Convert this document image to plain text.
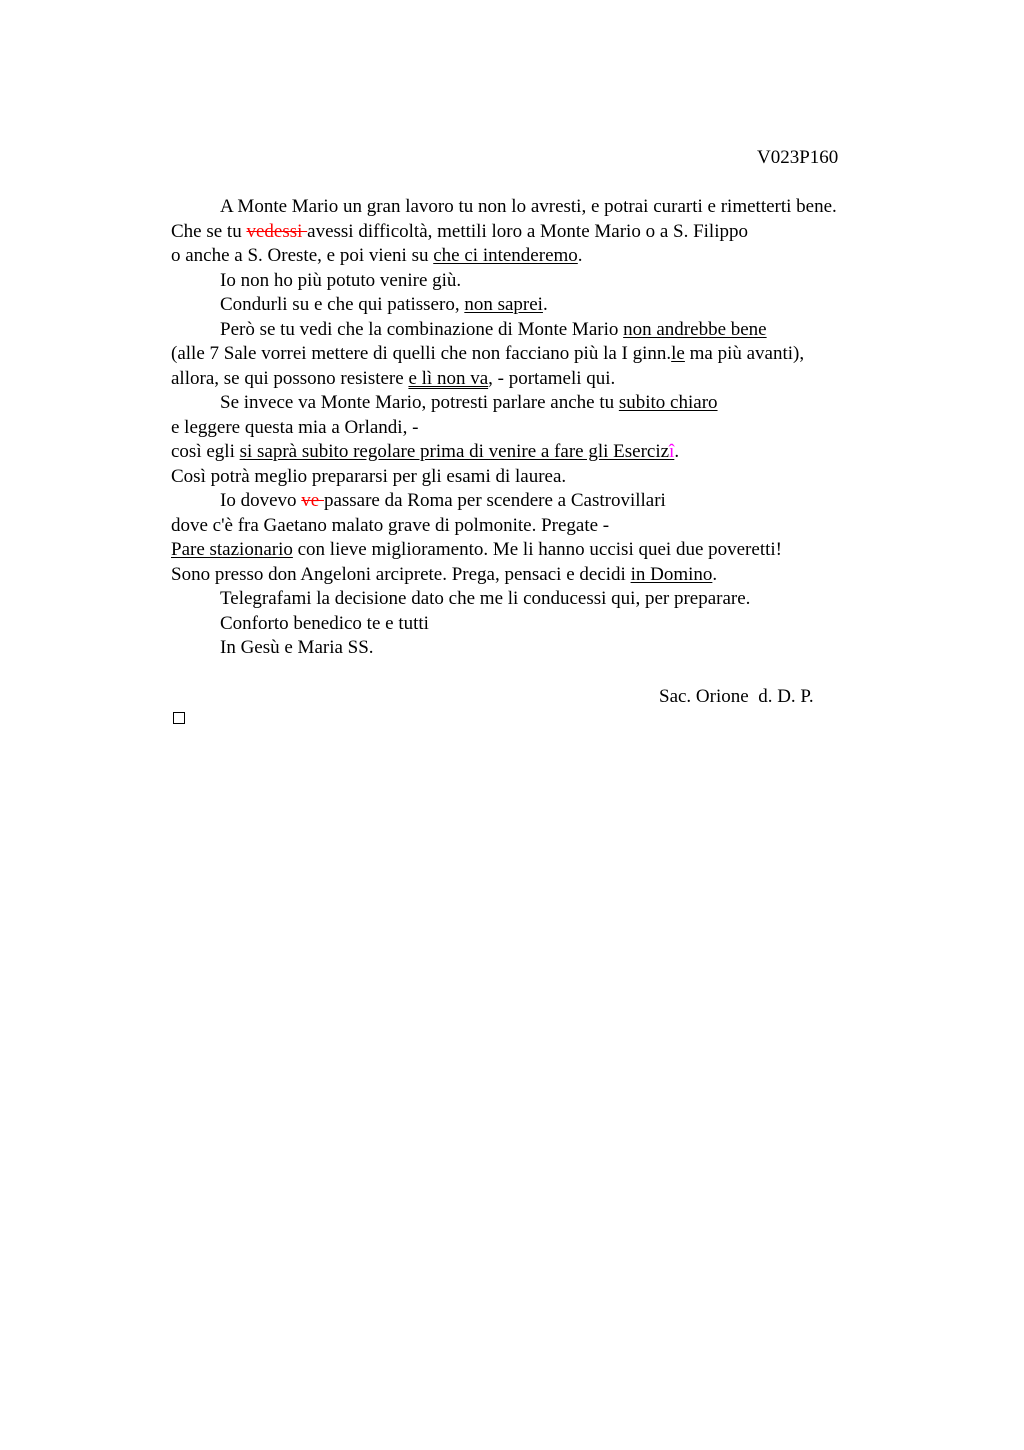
V023P160
A Monte Mario un gran lavoro tu non lo avresti, e potrai curarti e rimetterti bene.
Che se tu vedessi avessi difficoltà, mettili loro a Monte Mario o a S. Filippo
o anche a S. Oreste, e poi vieni su che ci intenderemo.
Io non ho più potuto venire giù.
Condurli su e che qui patissero, non saprei.
Però se tu vedi che la combinazione di Monte Mario non andrebbe bene
(alle 7 Sale vorrei mettere di quelli che non facciano più la I ginn.le ma più avanti),
allora, se qui possono resistere e lì non va, - portameli qui.
Se invece va Monte Mario, potresti parlare anche tu subito chiaro
e leggere questa mia a Orlandi, -
così egli si saprà subito regolare prima di venire a fare gli Esercizî.
Così potrà meglio prepararsi per gli esami di laurea.
Io dovevo ve passare da Roma per scendere a Castrovillari
dove c'è fra Gaetano malato grave di polmonite. Pregate -
Pare stazionario con lieve miglioramento. Me li hanno uccisi quei due poveretti!
Sono presso don Angeloni arciprete. Prega, pensaci e decidi in Domino.
Telegrafami la decisione dato che me li conducessi qui, per preparare.
Conforto benedico te e tutti
In Gesù e Maria SS.
Sac. Orione  d. D. P.
